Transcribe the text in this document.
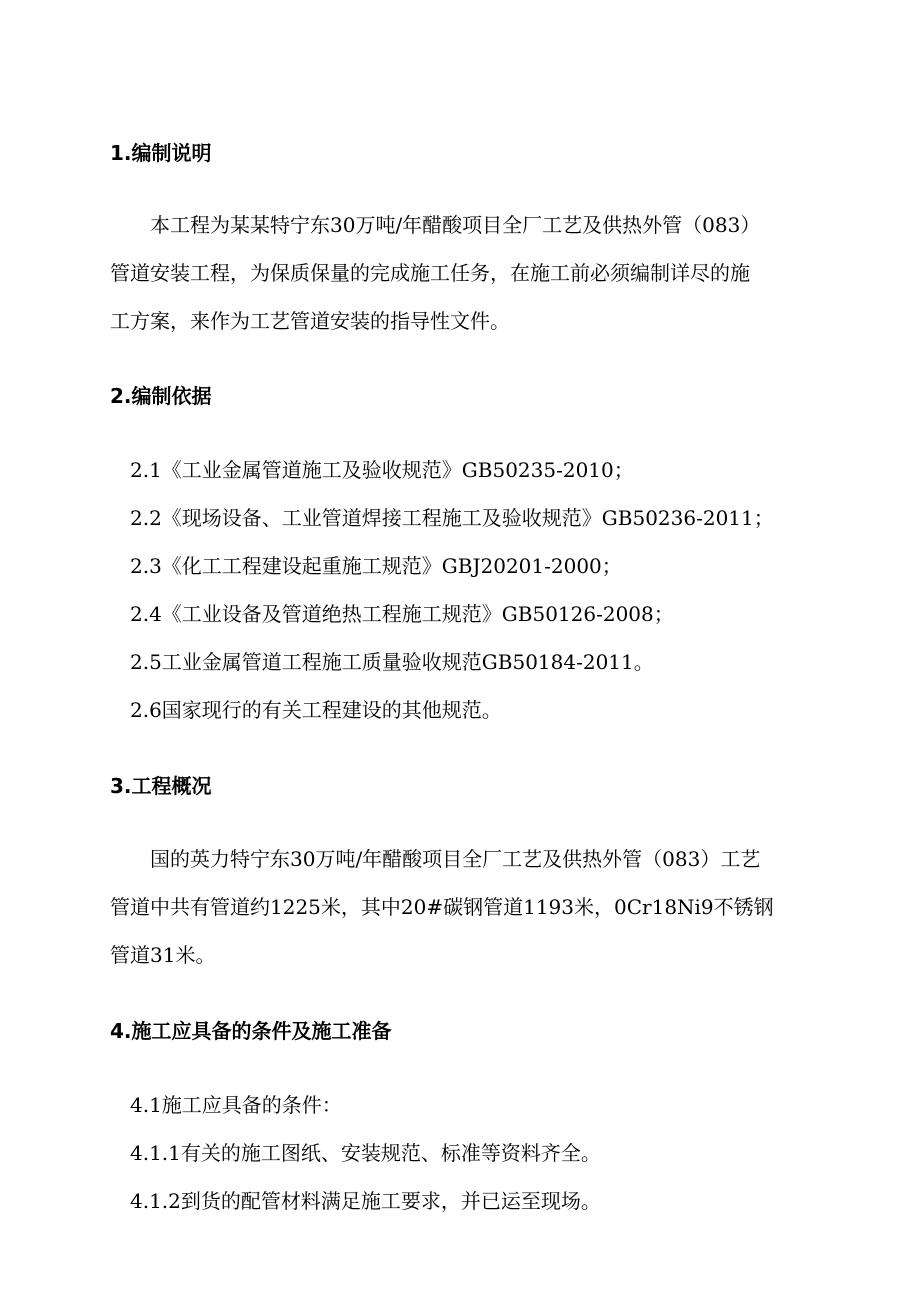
1.编制说明
本工程为某某特宁东30万吨/年醋酸项目全厂工艺及供热外管（083）
管道安装工程，为保质保量的完成施工任务，在施工前必须编制详尽的施
工方案，来作为工艺管道安装的指导性文件。
2.编制依据
2.1《工业金属管道施工及验收规范》GB50235-2010；
2.2《现场设备、工业管道焊接工程施工及验收规范》GB50236-2011；
2.3《化工工程建设起重施工规范》GBJ20201-2000；
2.4《工业设备及管道绝热工程施工规范》GB50126-2008；
2.5工业金属管道工程施工质量验收规范GB50184-2011。
2.6国家现行的有关工程建设的其他规范。
3.工程概况
国的英力特宁东30万吨/年醋酸项目全厂工艺及供热外管（083）工艺
管道中共有管道约1225米，其中20#碳钢管道1193米，0Cr18Ni9不锈钢
管道31米。
4.施工应具备的条件及施工准备
4.1施工应具备的条件：
4.1.1有关的施工图纸、安装规范、标准等资料齐全。
4.1.2到货的配管材料满足施工要求，并已运至现场。
